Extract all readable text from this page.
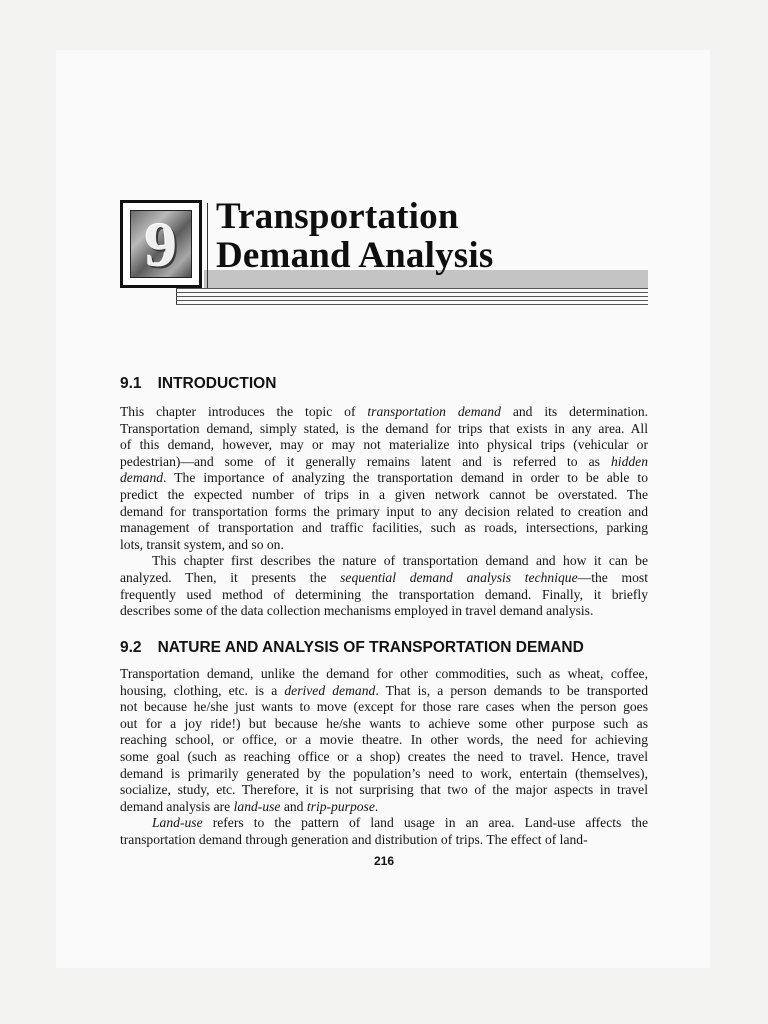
9	Transportation
Demand Analysis
9.1 INTRODUCTION
This chapter introduces the topic of transportation demand and its determination.
Transportation demand, simply stated, is the demand for trips that exists in any area. All
of this demand, however, may or may not materialize into physical trips (vehicular or
pedestrian)—and some of it generally remains latent and is referred to as hidden
demand. The importance of analyzing the transportation demand in order to be able to
predict the expected number of trips in a given network cannot be overstated. The
demand for transportation forms the primary input to any decision related to creation and
management of transportation and traffic facilities, such as roads, intersections, parking
lots, transit system, and so on.
This chapter first describes the nature of transportation demand and how it can be
analyzed. Then, it presents the sequential demand analysis technique—the most
frequently used method of determining the transportation demand. Finally, it briefly
describes some of the data collection mechanisms employed in travel demand analysis.
9.2 NATURE AND ANALYSIS OF TRANSPORTATION DEMAND
Transportation demand, unlike the demand for other commodities, such as wheat, coffee,
housing, clothing, etc. is a derived demand. That is, a person demands to be transported
not because he/she just wants to move (except for those rare cases when the person goes
out for a joy ride!) but because he/she wants to achieve some other purpose such as
reaching school, or office, or a movie theatre. In other words, the need for achieving
some goal (such as reaching office or a shop) creates the need to travel. Hence, travel
demand is primarily generated by the population’s need to work, entertain (themselves),
socialize, study, etc. Therefore, it is not surprising that two of the major aspects in travel
demand analysis are land-use and trip-purpose.
Land-use refers to the pattern of land usage in an area. Land-use affects the
transportation demand through generation and distribution of trips. The effect of land-
216
